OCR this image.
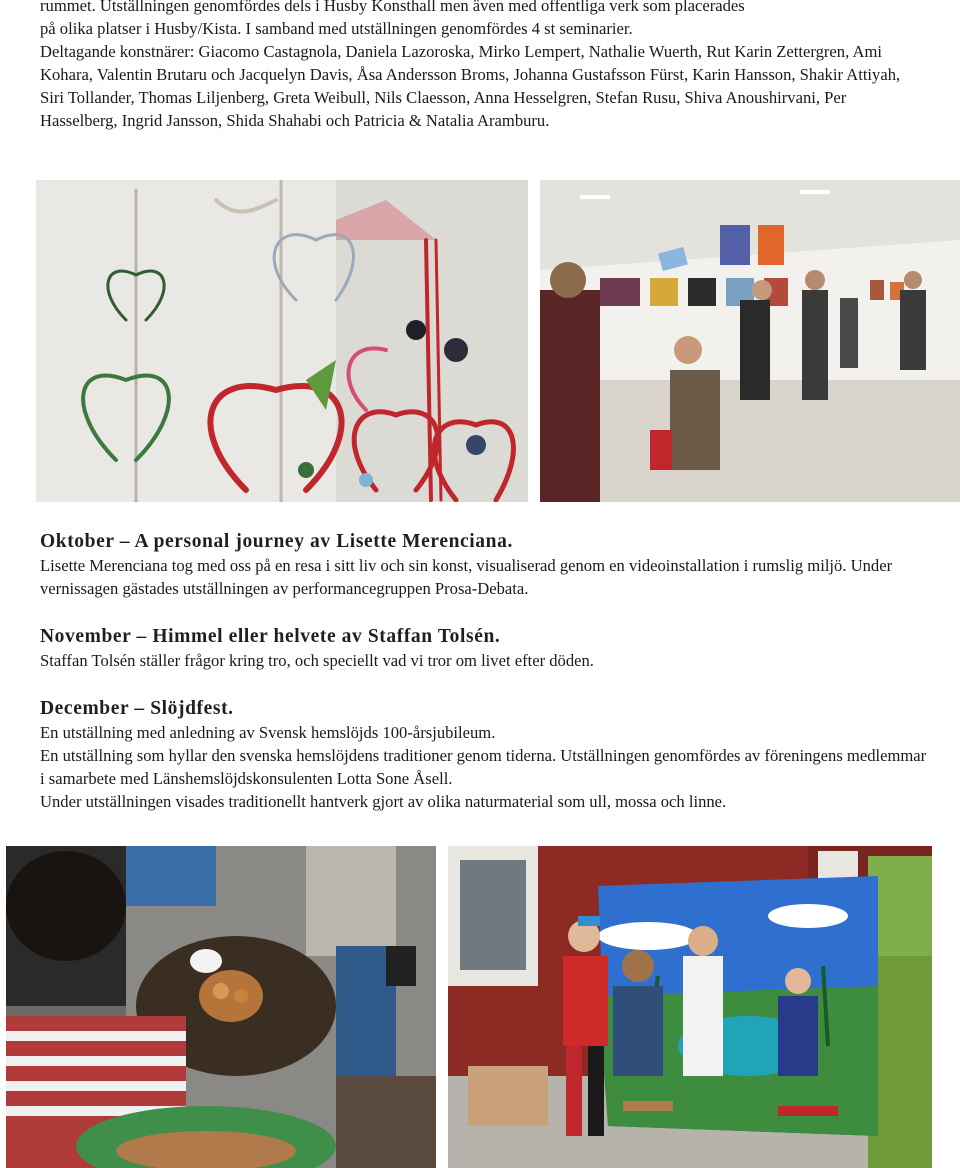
rummet. Utställningen genomfördes dels i Husby Konsthall men även med offentliga verk som placerades

på olika platser i Husby/Kista. I samband med utställningen genomfördes 4 st seminarier.

Deltagande konstnärer: Giacomo Castagnola, Daniela Lazoroska, Mirko Lempert, Nathalie Wuerth, Rut Karin Zettergren, Ami Kohara, Valentin Brutaru och Jacquelyn Davis, Åsa Andersson Broms, Johanna Gustafsson Fürst, Karin Hansson, Shakir Attiyah, Siri Tollander, Thomas Liljenberg, Greta Weibull, Nils Claesson, Anna Hesselgren, Stefan Rusu, Shiva Anoushirvani, Per Hasselberg, Ingrid Jansson, Shida Shahabi och Patricia & Natalia Aramburu.

Oktober – A personal journey av Lisette Merenciana.

Lisette Merenciana tog med oss på en resa i sitt liv och sin konst, visualiserad genom en videoinstallation i rumslig miljö. Under vernissagen gästades utställningen av performancegruppen Prosa-Debata.

November – Himmel eller helvete av Staffan Tolsén.

Staffan Tolsén ställer frågor kring tro, och speciellt vad vi tror om livet efter döden.

December – Slöjdfest.

En utställning med anledning av Svensk hemslöjds 100-årsjubileum.

En utställning som hyllar den svenska hemslöjdens traditioner genom tiderna. Utställningen genomfördes av föreningens medlemmar i samarbete med Länshemslöjdskonsulenten Lotta Sone Åsell.

Under utställningen visades traditionellt hantverk gjort av olika naturmaterial som ull, mossa och linne.
